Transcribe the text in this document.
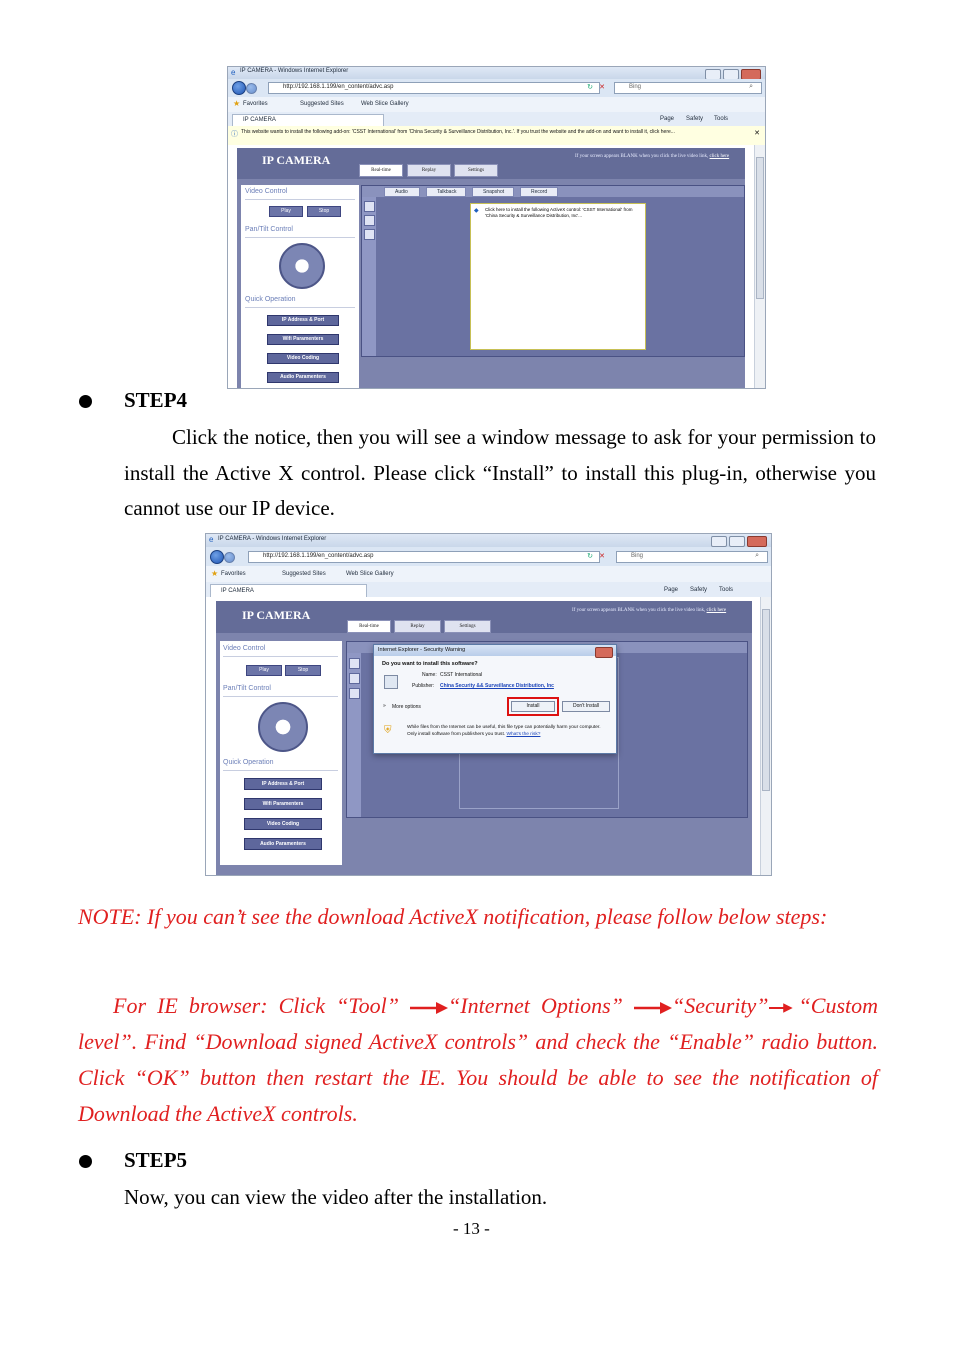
e IP CAMERA - Windows Internet Explorer
http://192.168.1.199/en_content/advc.asp	↻ ✕	Bing	⌕
★ Favorites	Suggested Sites	Web Slice Gallery
IP CAMERA	Page Safety Tools
ⓘ This website wants to install the following add-on: 'CSST International' from 'China Security & Surveillance Distribution, Inc.'. If you trust the website and the add-on and want to install it, click here...	✕
IP CAMERA	If your screen appears BLANK when you click the live video link, click here
Real-time	Replay	Settings
Video Control
Play	Stop
Pan/Tilt Control
Quick Operation
IP Address & Port
Wifi Paramenters
Video Coding
Audio Paramenters
Audio	Talkback	Snapshot	Record
◆ Click here to install the following ActiveX control: 'CSST International' from 'China Security & Surveillance Distribution, Inc'...
STEP4
Click the notice, then you will see a window message to ask for your permission to install the Active X control. Please click “Install” to install this plug-in, otherwise you cannot use our IP device.
e IP CAMERA - Windows Internet Explorer
http://192.168.1.199/en_content/advc.asp	↻ ✕	Bing	⌕
★ Favorites	Suggested Sites	Web Slice Gallery
IP CAMERA	Page Safety Tools
IP CAMERA	If your screen appears BLANK when you click the live video link, click here
Real-time	Replay	Settings
Video Control
Play	Stop
Pan/Tilt Control
Quick Operation
IP Address & Port
Wifi Paramenters
Video Coding
Audio Paramenters
Internet Explorer - Security Warning
Do you want to install this software?
Name: CSST International
Publisher: China Security && Surveillance Distribution, Inc
» More options	Install	Don't Install
⛨	While files from the Internet can be useful, this file type can potentially harm your computer. Only install software from publishers you trust. What's the risk?
NOTE: If you can’t see the download ActiveX notification, please follow below steps:
For IE browser: Click “Tool” “Internet Options” “Security” “Custom level”. Find “Download signed ActiveX controls” and check the “Enable” radio button. Click “OK” button then restart the IE. You should be able to see the notification of Download the ActiveX controls.
STEP5
Now, you can view the video after the installation.
- 13 -
